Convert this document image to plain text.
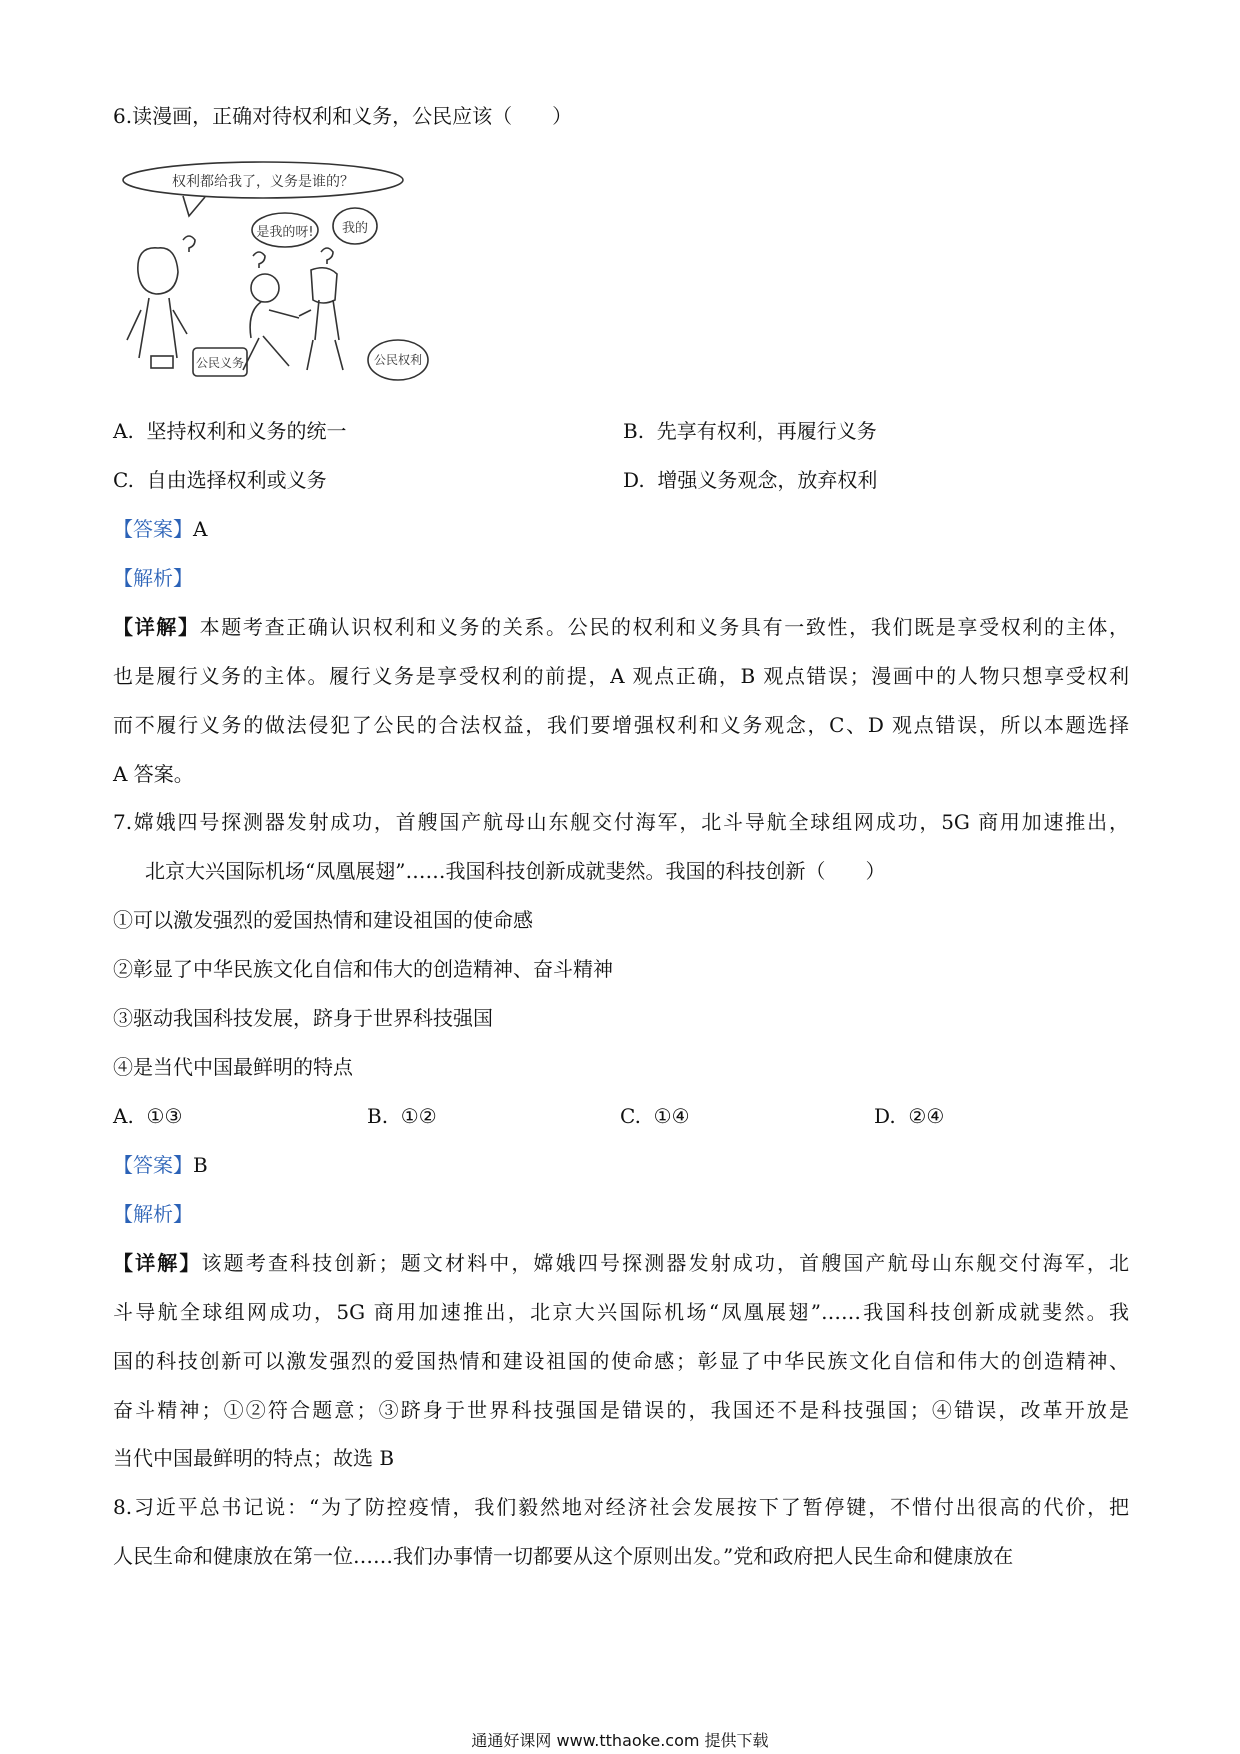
6.读漫画，正确对待权利和义务，公民应该（　　）
权利都给我了，义务是谁的？
是我的呀! 我的
公民义务	公民权利
A. 坚持权利和义务的统一	B. 先享有权利，再履行义务
C. 自由选择权利或义务	D. 增强义务观念，放弃权利
【答案】A
【解析】
【详解】本题考查正确认识权利和义务的关系。公民的权利和义务具有一致性，我们既是享受权利的主体，
也是履行义务的主体。履行义务是享受权利的前提，A 观点正确，B 观点错误；漫画中的人物只想享受权利
而不履行义务的做法侵犯了公民的合法权益，我们要增强权利和义务观念，C、D 观点错误，所以本题选择
A 答案。
7.嫦娥四号探测器发射成功，首艘国产航母山东舰交付海军，北斗导航全球组网成功，5G 商用加速推出，
北京大兴国际机场“凤凰展翅”……我国科技创新成就斐然。我国的科技创新（　　）
①可以激发强烈的爱国热情和建设祖国的使命感
②彰显了中华民族文化自信和伟大的创造精神、奋斗精神
③驱动我国科技发展，跻身于世界科技强国
④是当代中国最鲜明的特点
A. ①③	B. ①②	C. ①④	D. ②④
【答案】B
【解析】
【详解】该题考查科技创新；题文材料中，嫦娥四号探测器发射成功，首艘国产航母山东舰交付海军，北
斗导航全球组网成功，5G 商用加速推出，北京大兴国际机场“凤凰展翅”……我国科技创新成就斐然。我
国的科技创新可以激发强烈的爱国热情和建设祖国的使命感；彰显了中华民族文化自信和伟大的创造精神、
奋斗精神；①②符合题意；③跻身于世界科技强国是错误的，我国还不是科技强国；④错误，改革开放是
当代中国最鲜明的特点；故选 B
8.习近平总书记说：“为了防控疫情，我们毅然地对经济社会发展按下了暂停键，不惜付出很高的代价，把
人民生命和健康放在第一位……我们办事情一切都要从这个原则出发。”党和政府把人民生命和健康放在
通通好课网 www.tthaoke.com 提供下载
